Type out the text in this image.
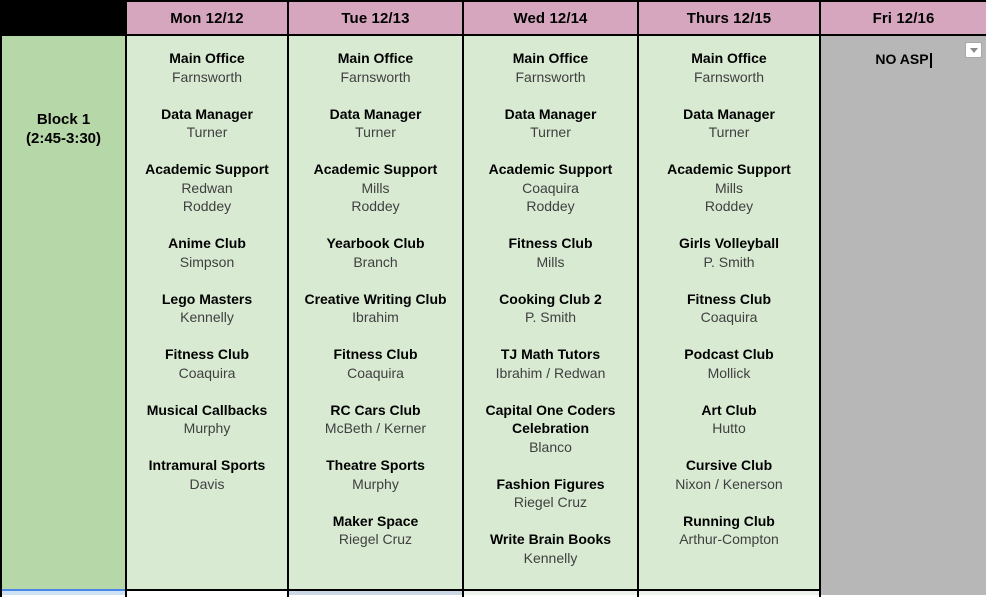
Block 1
(2:45-3:30)
Mon 12/12
Main Office
Farnsworth
Data Manager
Turner
Academic Support
Redwan
Roddey
Anime Club
Simpson
Lego Masters
Kennelly
Fitness Club
Coaquira
Musical Callbacks
Murphy
Intramural Sports
Davis
Tue 12/13
Main Office
Farnsworth
Data Manager
Turner
Academic Support
Mills
Roddey
Yearbook Club
Branch
Creative Writing Club
Ibrahim
Fitness Club
Coaquira
RC Cars Club
McBeth / Kerner
Theatre Sports
Murphy
Maker Space
Riegel Cruz
Wed 12/14
Main Office
Farnsworth
Data Manager
Turner
Academic Support
Coaquira
Roddey
Fitness Club
Mills
Cooking Club 2
P. Smith
TJ Math Tutors
Ibrahim / Redwan
Capital One Coders Celebration
Blanco
Fashion Figures
Riegel Cruz
Write Brain Books
Kennelly
Thurs 12/15
Main Office
Farnsworth
Data Manager
Turner
Academic Support
Mills
Roddey
Girls Volleyball
P. Smith
Fitness Club
Coaquira
Podcast Club
Mollick
Art Club
Hutto
Cursive Club
Nixon / Kenerson
Running Club
Arthur-Compton
Fri 12/16
NO ASP
